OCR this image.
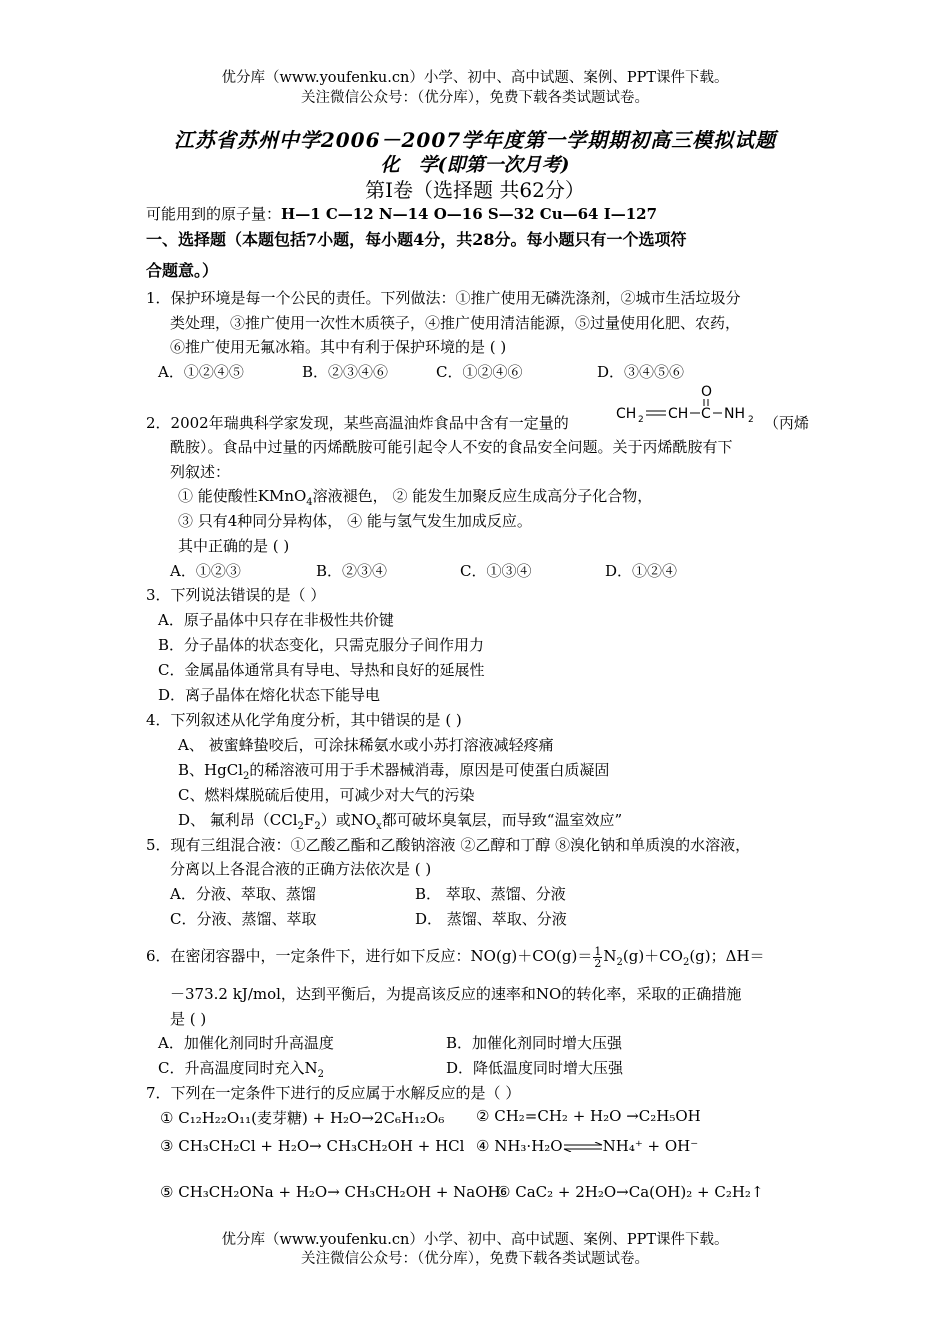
优分库（www.youfenku.cn）小学、初中、高中试题、案例、PPT课件下载。
关注微信公众号：（优分库），免费下载各类试题试卷。
江苏省苏州中学2006－2007学年度第一学期期初高三模拟试题
化　学(即第一次月考)
第I卷（选择题 共62分）
可能用到的原子量：H—1 C—12 N—14 O—16 S—32 Cu—64 I—127
一、选择题（本题包括7小题，每小题4分，共28分。每小题只有一个选项符
合题意。）
1．保护环境是每一个公民的责任。下列做法：①推广使用无磷洗涤剂，②城市生活垃圾分
类处理，③推广使用一次性木质筷子，④推广使用清洁能源，⑤过量使用化肥、农药，
⑥推广使用无氟冰箱。其中有利于保护环境的是 ( )
A．①②④⑤	B．②③④⑥	C．①②④⑥	D．③④⑤⑥
2．2002年瑞典科学家发现，某些高温油炸食品中含有一定量的	CH 2 CH C
O
NH 2 （丙烯
酰胺）。食品中过量的丙烯酰胺可能引起令人不安的食品安全问题。关于丙烯酰胺有下
列叙述：
① 能使酸性KMnO$_4$溶液褪色， ② 能发生加聚反应生成高分子化合物，
③ 只有4种同分异构体， ④ 能与氢气发生加成反应。
其中正确的是 ( )
A．①②③	B．②③④	C．①③④	D．①②④
3．下列说法错误的是（ ）
A．原子晶体中只存在非极性共价键
B．分子晶体的状态变化，只需克服分子间作用力
C．金属晶体通常具有导电、导热和良好的延展性
D．离子晶体在熔化状态下能导电
4．下列叙述从化学角度分析，其中错误的是 ( )
A、 被蜜蜂蛰咬后，可涂抹稀氨水或小苏打溶液减轻疼痛
B、HgCl$_2$的稀溶液可用于手术器械消毒，原因是可使蛋白质凝固
C、燃料煤脱硫后使用，可减少对大气的污染
D、 氟利昂$(CCl_2F_2)$或$NO_x$都可破坏臭氧层，而导致“温室效应”
5．现有三组混合液：①乙酸乙酯和乙酸钠溶液 ②乙醇和丁醇 ⑧溴化钠和单质溴的水溶液，
分离以上各混合液的正确方法依次是 ( )
A．分液、萃取、蒸馏	B． 萃取、蒸馏、分液
C．分液、蒸馏、萃取	D． 蒸馏、萃取、分液
6．在密闭容器中，一定条件下，进行如下反应：$NO(g)+CO(g)= \frac{1}{2} N_2(g)+CO_2(g)$；ΔH＝
－373.2 kJ/mol，达到平衡后，为提高该反应的速率和NO的转化率，采取的正确措施
是 ( )
A．加催化剂同时升高温度	B．加催化剂同时增大压强
C．升高温度同时充入$N_2$	D．降低温度同时增大压强
7．下列在一定条件下进行的反应属于水解反应的是（ ）
① C₁₂H₂₂O₁₁(麦芽糖) + H₂O→2C₆H₁₂O₆ ② CH₂=CH₂ + H₂O →C₂H₅OH
③ CH₃CH₂Cl + H₂O→ CH₃CH₂OH + HCl ④ NH₃·H₂O⇌NH₄⁺ + OH⁻
⑤ CH₃CH₂ONa + H₂O→ CH₃CH₂OH + NaOH
⑥ CaC₂ + 2H₂O→Ca(OH)₂ + C₂H₂↑
优分库（www.youfenku.cn）小学、初中、高中试题、案例、PPT课件下载。
关注微信公众号：（优分库），免费下载各类试题试卷。
